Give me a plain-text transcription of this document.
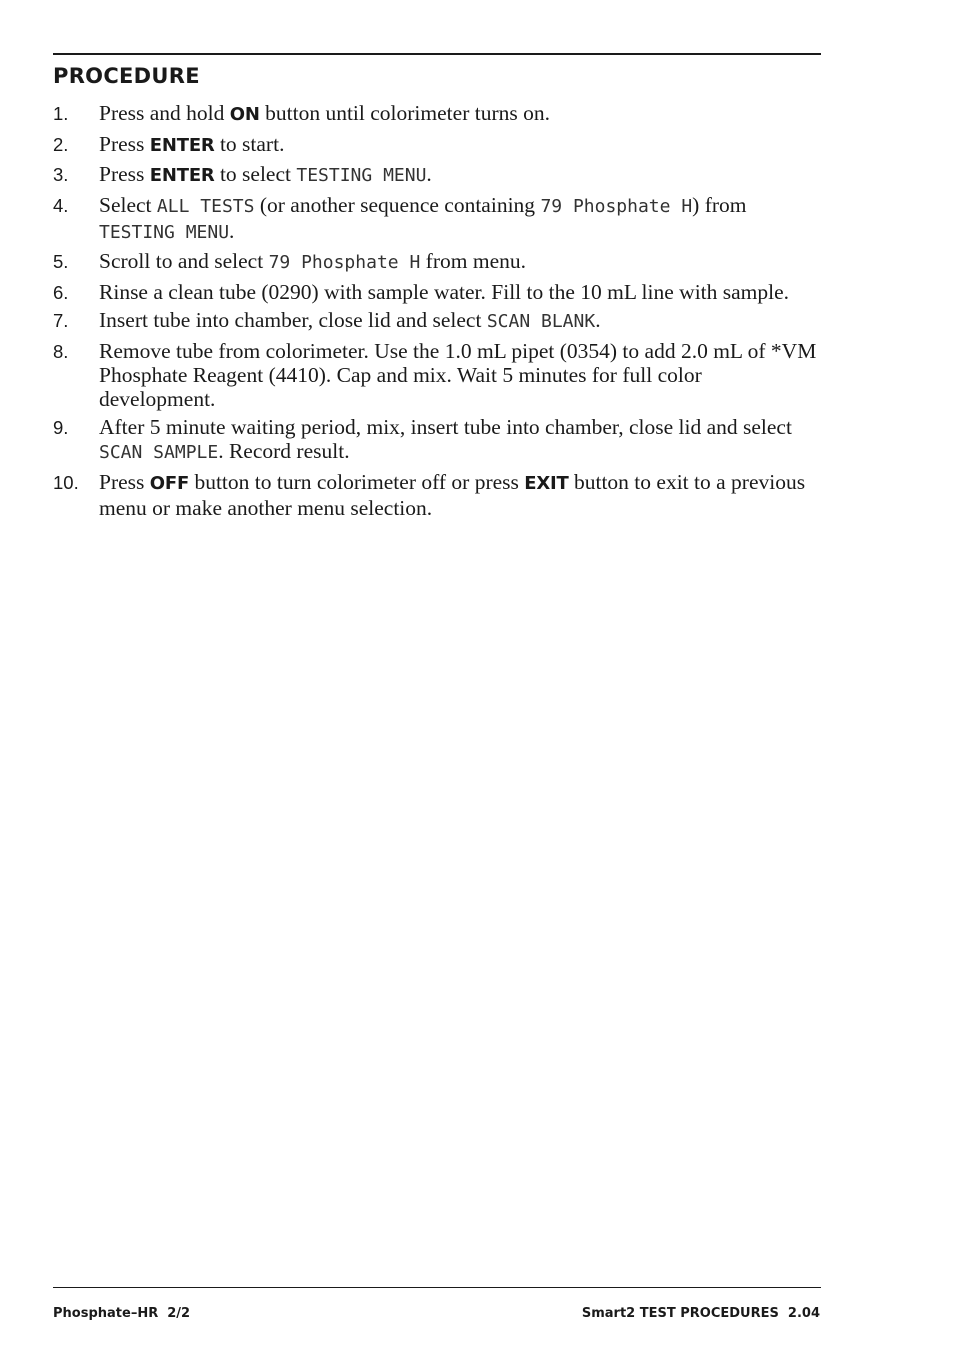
PROCEDURE
1. Press and hold ON button until colorimeter turns on.
2. Press ENTER to start.
3. Press ENTER to select TESTING MENU.
4. Select ALL TESTS (or another sequence containing 79 Phosphate H) from TESTING MENU.
5. Scroll to and select 79 Phosphate H from menu.
6. Rinse a clean tube (0290) with sample water. Fill to the 10 mL line with sample.
7. Insert tube into chamber, close lid and select SCAN BLANK.
8. Remove tube from colorimeter. Use the 1.0 mL pipet (0354) to add 2.0 mL of *VM Phosphate Reagent (4410). Cap and mix. Wait 5 minutes for full color development.
9. After 5 minute waiting period, mix, insert tube into chamber, close lid and select SCAN SAMPLE. Record result.
10. Press OFF button to turn colorimeter off or press EXIT button to exit to a previous menu or make another menu selection.
Phosphate–HR  2/2	Smart2 TEST PROCEDURES  2.04
